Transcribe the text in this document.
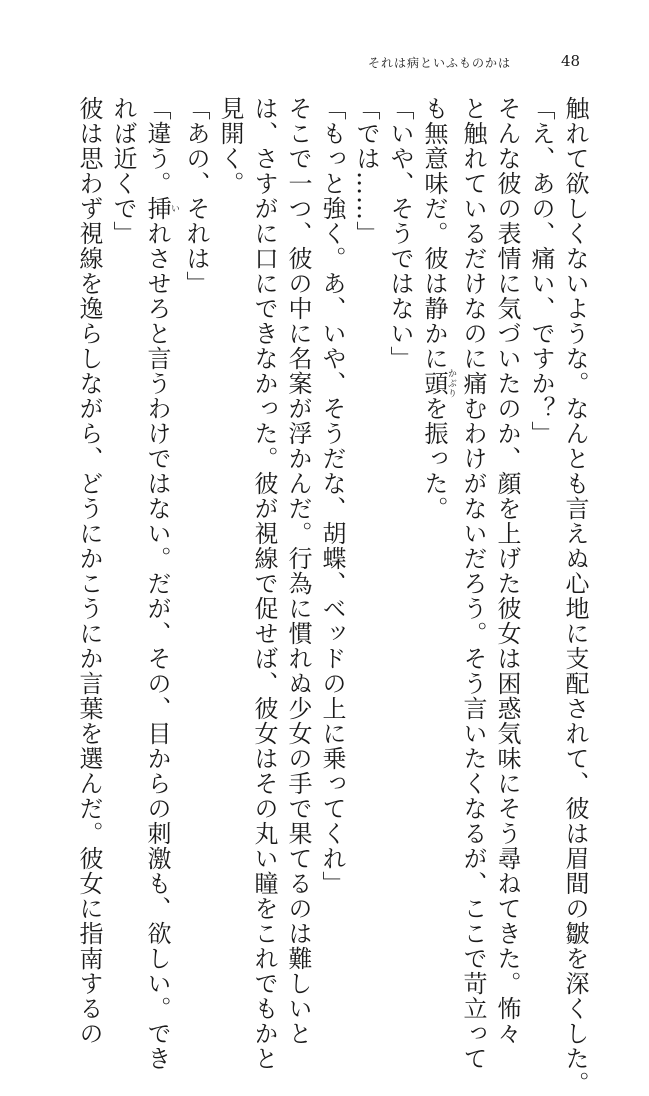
それは病といふものかは	48

触れて欲しくないような。なんとも言えぬ心地に支配されて、彼は眉間の皺を深くした。

「え、あの、痛い、ですか？」

そんな彼の表情に気づいたのか、顔を上げた彼女は困惑気味にそう尋ねてきた。怖々

と触れているだけなのに痛むわけがないだろう。そう言いたくなるが、ここで苛立って

も無意味だ。彼は静かに頭かぶりを振った。

「いや、そうではない」

「では……」

「もっと強く。あ、いや、そうだな、胡蝶、ベッドの上に乗ってくれ」

そこで一つ、彼の中に名案が浮かんだ。行為に慣れぬ少女の手で果てるのは難しいと

は、さすがに口にできなかった。彼が視線で促せば、彼女はその丸い瞳をこれでもかと

見開く。

「あの、それは」

「違う。挿いれさせろと言うわけではない。だが、その、目からの刺激も、欲しい。でき

れば近くで」

彼は思わず視線を逸らしながら、どうにかこうにか言葉を選んだ。彼女に指南するの
